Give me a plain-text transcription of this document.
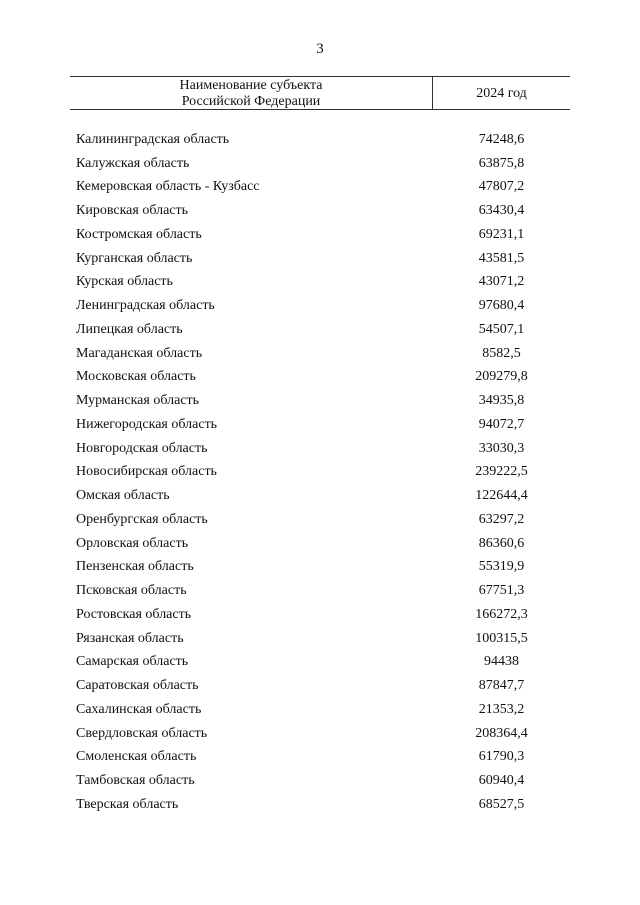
3
Наименование субъекта
Российской Федерации
2024 год
Калининградская область	74248,6
Калужская область	63875,8
Кемеровская область - Кузбасс	47807,2
Кировская область	63430,4
Костромская область	69231,1
Курганская область	43581,5
Курская область	43071,2
Ленинградская область	97680,4
Липецкая область	54507,1
Магаданская область	8582,5
Московская область	209279,8
Мурманская область	34935,8
Нижегородская область	94072,7
Новгородская область	33030,3
Новосибирская область	239222,5
Омская область	122644,4
Оренбургская область	63297,2
Орловская область	86360,6
Пензенская область	55319,9
Псковская область	67751,3
Ростовская область	166272,3
Рязанская область	100315,5
Самарская область	94438
Саратовская область	87847,7
Сахалинская область	21353,2
Свердловская область	208364,4
Смоленская область	61790,3
Тамбовская область	60940,4
Тверская область	68527,5
